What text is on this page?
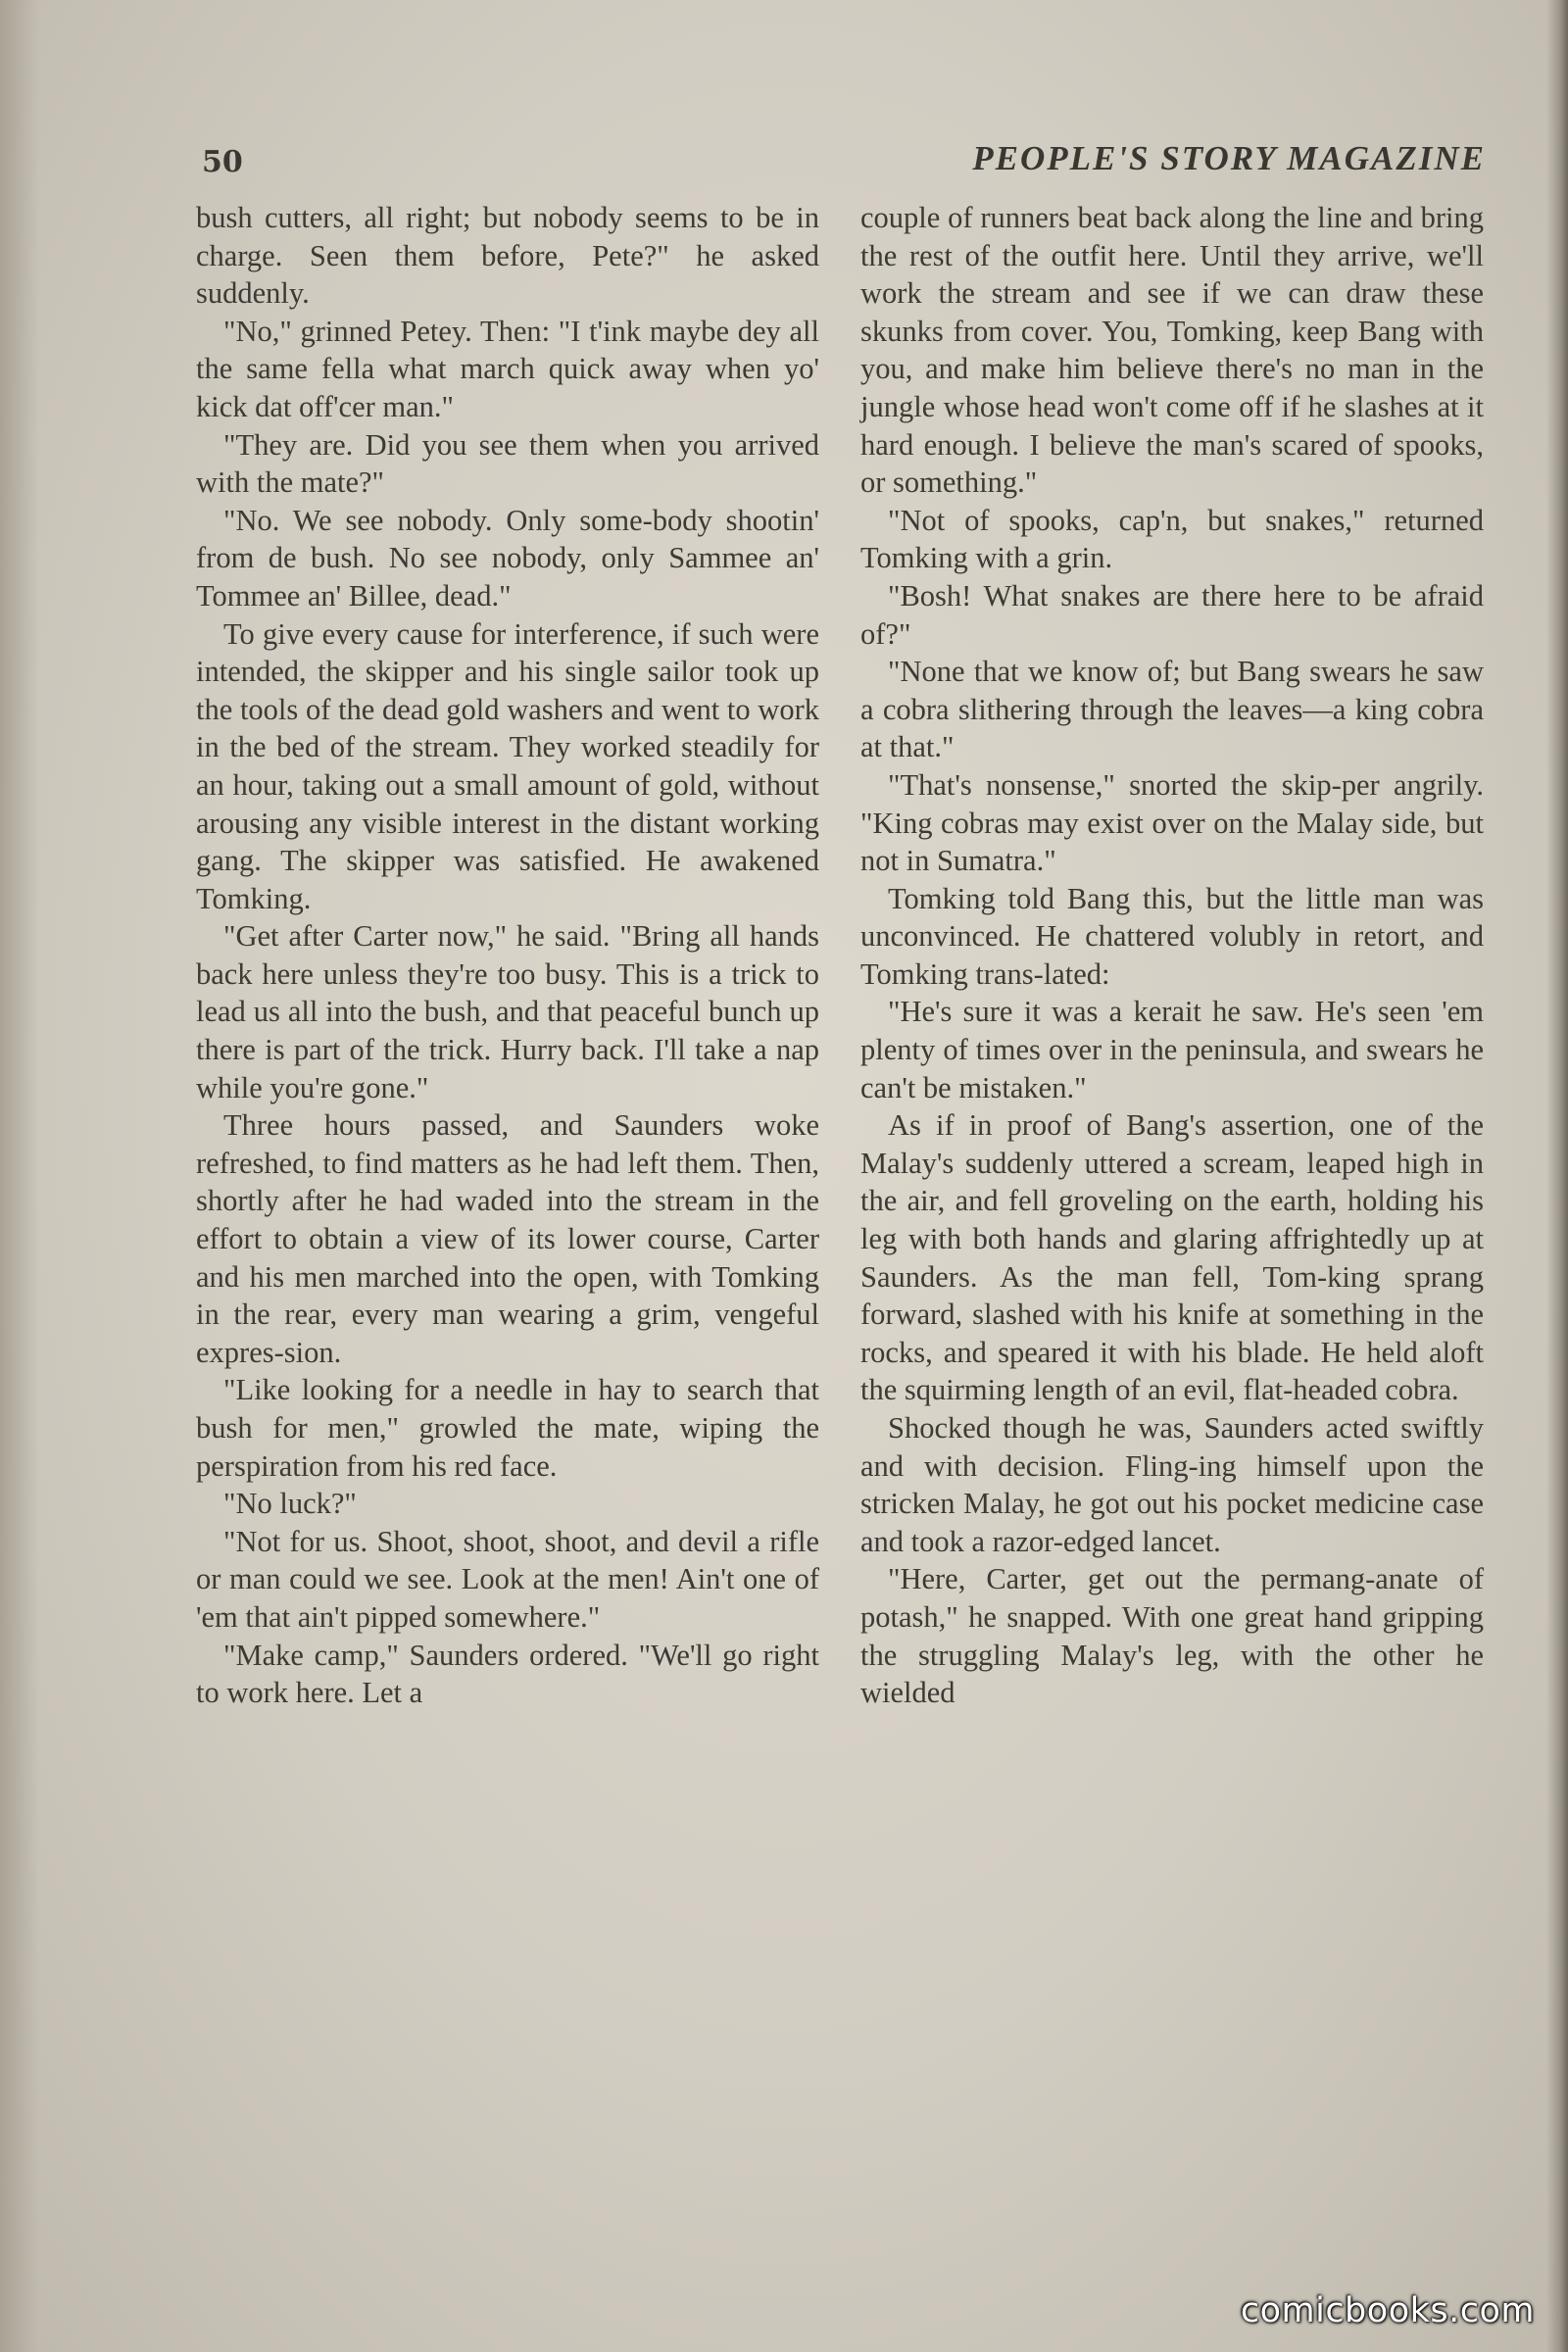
50	PEOPLE'S STORY MAGAZINE

bush cutters, all right; but nobody seems to be in charge. Seen them before, Pete?" he asked suddenly.

"No," grinned Petey. Then: "I t'ink maybe dey all the same fella what march quick away when yo' kick dat off'cer man."

"They are. Did you see them when you arrived with the mate?"

"No. We see nobody. Only some-body shootin' from de bush. No see nobody, only Sammee an' Tommee an' Billee, dead."

To give every cause for interference, if such were intended, the skipper and his single sailor took up the tools of the dead gold washers and went to work in the bed of the stream. They worked steadily for an hour, taking out a small amount of gold, without arousing any visible interest in the distant working gang. The skipper was satisfied. He awakened Tomking.

"Get after Carter now," he said. "Bring all hands back here unless they're too busy. This is a trick to lead us all into the bush, and that peaceful bunch up there is part of the trick. Hurry back. I'll take a nap while you're gone."

Three hours passed, and Saunders woke refreshed, to find matters as he had left them. Then, shortly after he had waded into the stream in the effort to obtain a view of its lower course, Carter and his men marched into the open, with Tomking in the rear, every man wearing a grim, vengeful expres-sion.

"Like looking for a needle in hay to search that bush for men," growled the mate, wiping the perspiration from his red face.

"No luck?"

"Not for us. Shoot, shoot, shoot, and devil a rifle or man could we see. Look at the men! Ain't one of 'em that ain't pipped somewhere."

"Make camp," Saunders ordered. "We'll go right to work here. Let a

couple of runners beat back along the line and bring the rest of the outfit here. Until they arrive, we'll work the stream and see if we can draw these skunks from cover. You, Tomking, keep Bang with you, and make him believe there's no man in the jungle whose head won't come off if he slashes at it hard enough. I believe the man's scared of spooks, or something."

"Not of spooks, cap'n, but snakes," returned Tomking with a grin.

"Bosh! What snakes are there here to be afraid of?"

"None that we know of; but Bang swears he saw a cobra slithering through the leaves—a king cobra at that."

"That's nonsense," snorted the skip-per angrily. "King cobras may exist over on the Malay side, but not in Sumatra."

Tomking told Bang this, but the little man was unconvinced. He chattered volubly in retort, and Tomking trans-lated:

"He's sure it was a kerait he saw. He's seen 'em plenty of times over in the peninsula, and swears he can't be mistaken."

As if in proof of Bang's assertion, one of the Malay's suddenly uttered a scream, leaped high in the air, and fell groveling on the earth, holding his leg with both hands and glaring affrightedly up at Saunders. As the man fell, Tom-king sprang forward, slashed with his knife at something in the rocks, and speared it with his blade. He held aloft the squirming length of an evil, flat-headed cobra.

Shocked though he was, Saunders acted swiftly and with decision. Fling-ing himself upon the stricken Malay, he got out his pocket medicine case and took a razor-edged lancet.

"Here, Carter, get out the permang-anate of potash," he snapped. With one great hand gripping the struggling Malay's leg, with the other he wielded

comicbooks.com
